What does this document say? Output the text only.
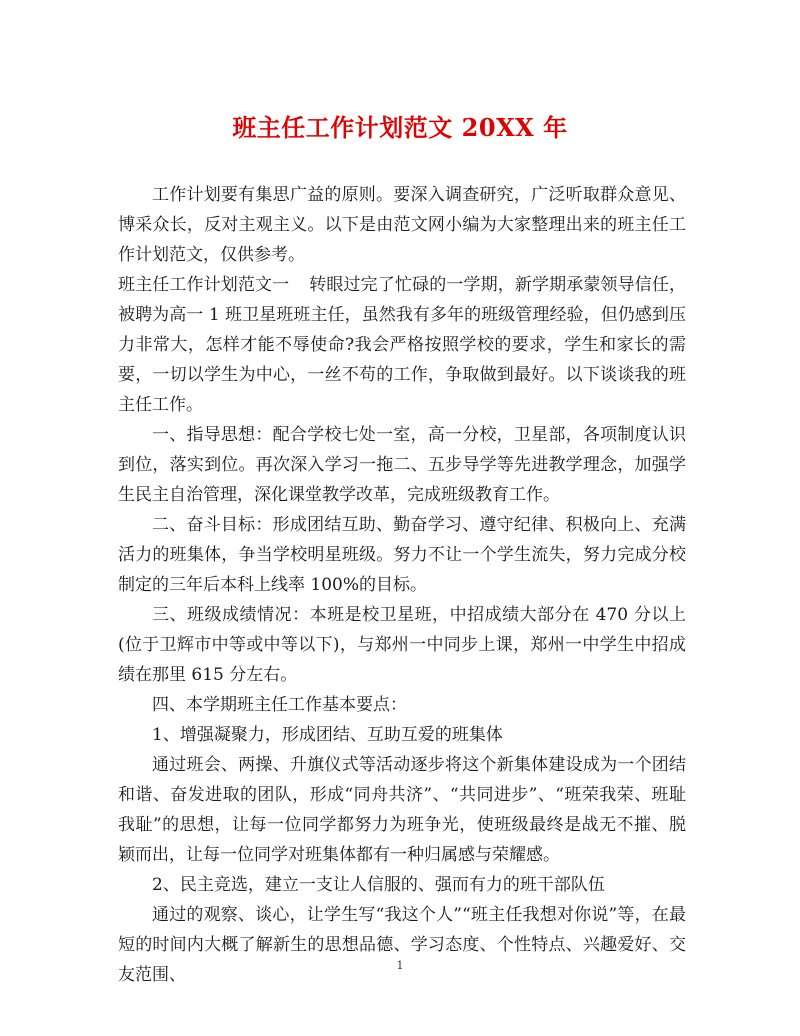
班主任工作计划范文 20XX 年

工作计划要有集思广益的原则。要深入调查研究，广泛听取群众意见、博采众长，反对主观主义。以下是由范文网小编为大家整理出来的班主任工作计划范文，仅供参考。

班主任工作计划范文一 转眼过完了忙碌的一学期，新学期承蒙领导信任，被聘为高一 1 班卫星班班主任，虽然我有多年的班级管理经验，但仍感到压力非常大，怎样才能不辱使命?我会严格按照学校的要求，学生和家长的需要，一切以学生为中心，一丝不苟的工作，争取做到最好。以下谈谈我的班主任工作。

一、指导思想：配合学校七处一室，高一分校，卫星部，各项制度认识到位，落实到位。再次深入学习一拖二、五步导学等先进教学理念，加强学生民主自治管理，深化课堂教学改革，完成班级教育工作。

二、奋斗目标：形成团结互助、勤奋学习、遵守纪律、积极向上、充满活力的班集体，争当学校明星班级。努力不让一个学生流失，努力完成分校制定的三年后本科上线率 100%的目标。

三、班级成绩情况：本班是校卫星班，中招成绩大部分在 470 分以上(位于卫辉市中等或中等以下)，与郑州一中同步上课，郑州一中学生中招成绩在那里 615 分左右。

四、本学期班主任工作基本要点：

1、增强凝聚力，形成团结、互助互爱的班集体

通过班会、两操、升旗仪式等活动逐步将这个新集体建设成为一个团结和谐、奋发进取的团队，形成“同舟共济”、“共同进步”、“班荣我荣、班耻我耻”的思想，让每一位同学都努力为班争光，使班级最终是战无不摧、脱颖而出，让每一位同学对班集体都有一种归属感与荣耀感。

2、民主竞选，建立一支让人信服的、强而有力的班干部队伍

通过的观察、谈心，让学生写“我这个人”“班主任我想对你说”等，在最短的时间内大概了解新生的思想品德、学习态度、个性特点、兴趣爱好、交友范围、	1
